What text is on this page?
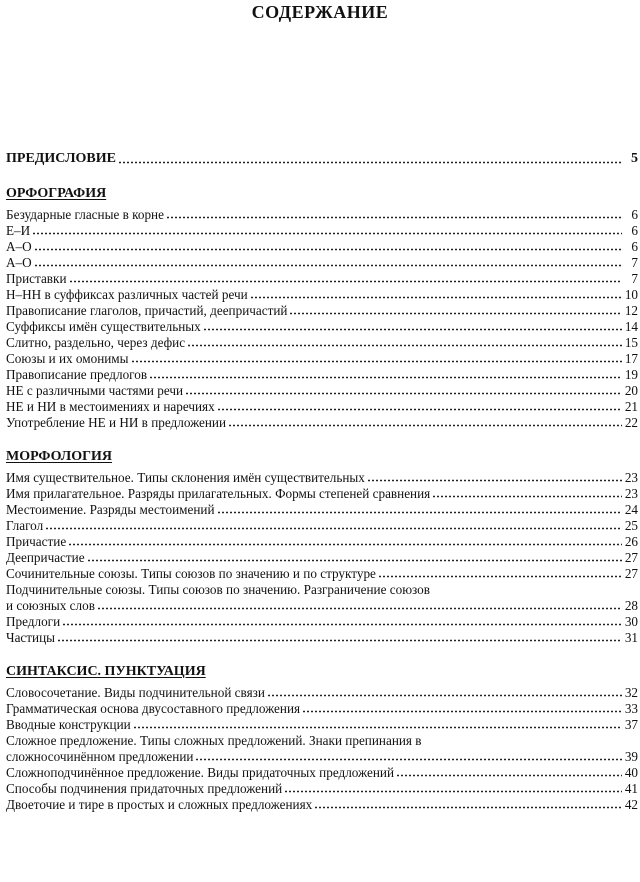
СОДЕРЖАНИЕ
ПРЕДИСЛОВИЕ	5
ОРФОГРАФИЯ
Безударные гласные в корне	6
Е–И	6
А–О	6
А–О	7
Приставки	7
Н–НН в суффиксах различных частей речи	10
Правописание глаголов, причастий, деепричастий	12
Суффиксы имён существительных	14
Слитно, раздельно, через дефис	15
Союзы и их омонимы	17
Правописание предлогов	19
НЕ с различными частями речи	20
НЕ и НИ в местоимениях и наречиях	21
Употребление НЕ и НИ в предложении	22
МОРФОЛОГИЯ
Имя существительное. Типы склонения имён существительных	23
Имя прилагательное. Разряды прилагательных. Формы степеней сравнения	23
Местоимение. Разряды местоимений	24
Глагол	25
Причастие	26
Деепричастие	27
Сочинительные союзы. Типы союзов по значению и по структуре	27
Подчинительные союзы. Типы союзов по значению. Разграничение союзов
и союзных слов	28
Предлоги	30
Частицы	31
СИНТАКСИС. ПУНКТУАЦИЯ
Словосочетание. Виды подчинительной связи	32
Грамматическая основа двусоставного предложения	33
Вводные конструкции	37
Сложное предложение. Типы сложных предложений. Знаки препинания в
сложносочинённом предложении	39
Сложноподчинённое предложение. Виды придаточных предложений	40
Способы подчинения придаточных предложений	41
Двоеточие и тире в простых и сложных предложениях	42
